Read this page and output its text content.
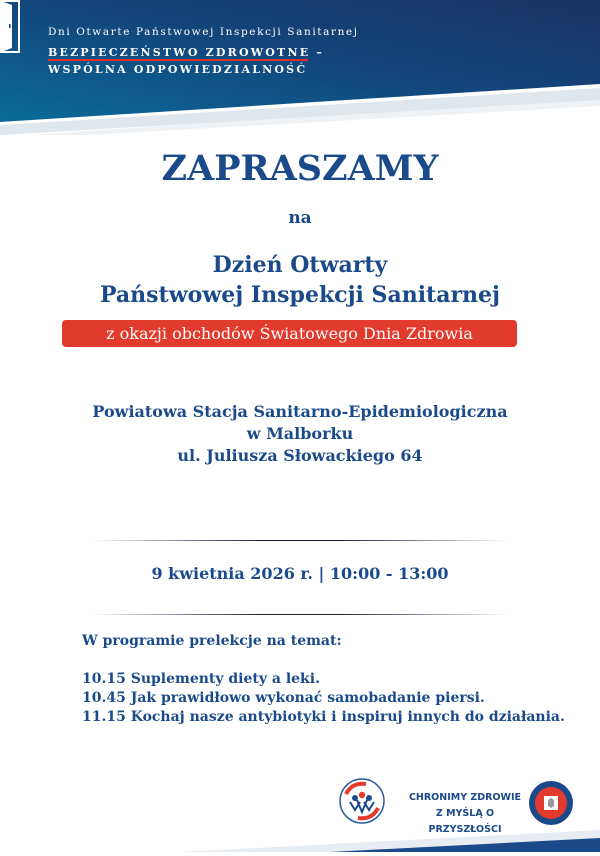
Dni Otwarte Państwowej Inspekcji Sanitarnej
BEZPIECZEŃSTWO ZDROWOTNE –
WSPÓLNA ODPOWIEDZIALNOŚĆ
ZAPRASZAMY
na
Dzień Otwarty
Państwowej Inspekcji Sanitarnej
z okazji obchodów Światowego Dnia Zdrowia
Powiatowa Stacja Sanitarno-Epidemiologiczna
w Malborku
ul. Juliusza Słowackiego 64
9 kwietnia 2026 r. | 10:00 - 13:00
W programie prelekcje na temat:
10.15 Suplementy diety a leki.
10.45 Jak prawidłowo wykonać samobadanie piersi.
11.15 Kochaj nasze antybiotyki i inspiruj innych do działania.
CHRONIMY ZDROWIE
Z MYŚLĄ O PRZYSZŁOŚCI
